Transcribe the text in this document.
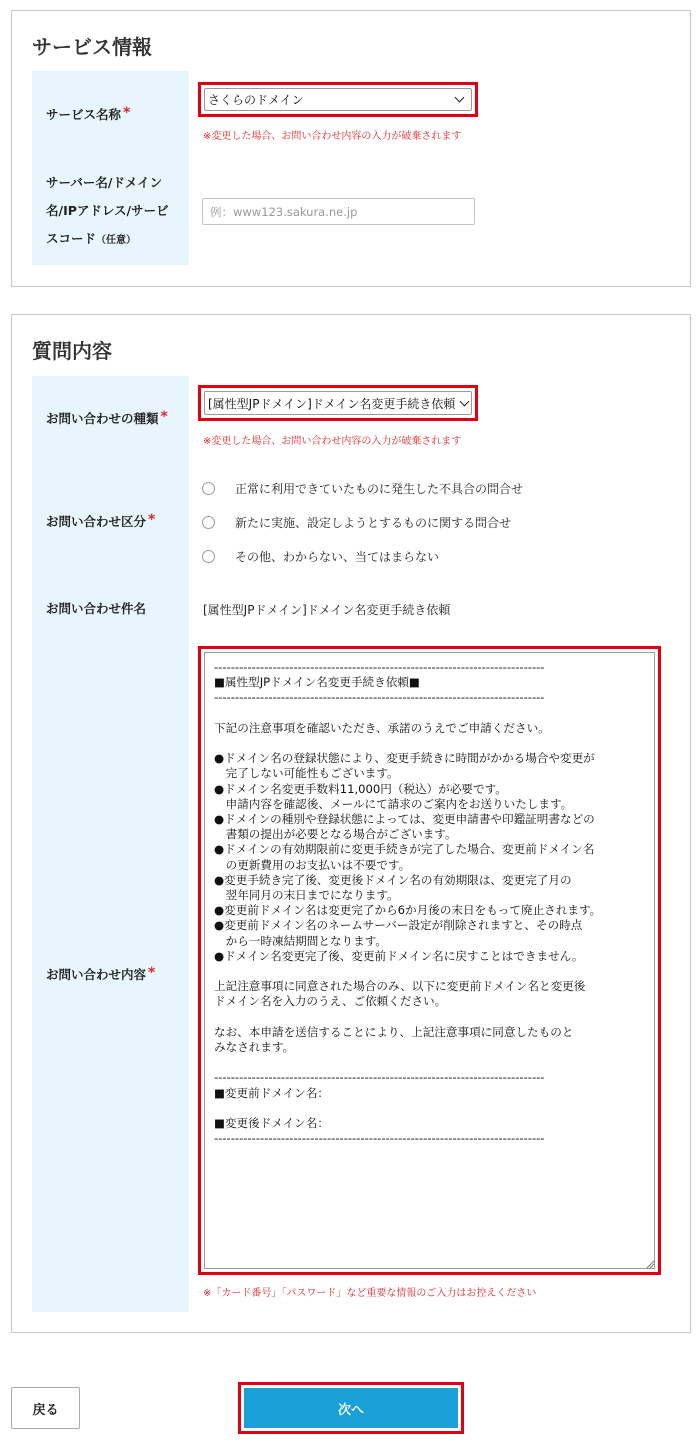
サービス情報
サービス名称 *
サーバー名/ドメイン
名/IPアドレス/サービ
スコード（任意）
さくらのドメイン
※変更した場合、お問い合わせ内容の入力が破棄されます
例：www123.sakura.ne.jp
質問内容
お問い合わせの種類 *
お問い合わせ区分 *
お問い合わせ件名
お問い合わせ内容 *
[属性型JPドメイン]ドメイン名変更手続き依頼
※変更した場合、お問い合わせ内容の入力が破棄されます
正常に利用できていたものに発生した不具合の問合せ
新たに実施、設定しようとするものに関する問合せ
その他、わからない、当てはまらない
[属性型JPドメイン]ドメイン名変更手続き依頼
-------------------------------------------------------------------------------
■属性型JPドメイン名変更手続き依頼■
-------------------------------------------------------------------------------

下記の注意事項を確認いただき、承諾のうえでご申請ください。

●ドメイン名の登録状態により、変更手続きに時間がかかる場合や変更が
　完了しない可能性もございます。
●ドメイン名変更手数料11,000円（税込）が必要です。
　申請内容を確認後、メールにて請求のご案内をお送りいたします。
●ドメインの種別や登録状態によっては、変更申請書や印鑑証明書などの
　書類の提出が必要となる場合がございます。
●ドメインの有効期限前に変更手続きが完了した場合、変更前ドメイン名
　の更新費用のお支払いは不要です。
●変更手続き完了後、変更後ドメイン名の有効期限は、変更完了月の
　翌年同月の末日までになります。
●変更前ドメイン名は変更完了から6か月後の末日をもって廃止されます。
●変更前ドメイン名のネームサーバー設定が削除されますと、その時点
　から一時凍結期間となります。
●ドメイン名変更完了後、変更前ドメイン名に戻すことはできません。

上記注意事項に同意された場合のみ、以下に変更前ドメイン名と変更後
ドメイン名を入力のうえ、ご依頼ください。

なお、本申請を送信することにより、上記注意事項に同意したものと
みなされます。

-------------------------------------------------------------------------------
■変更前ドメイン名：

■変更後ドメイン名：
-------------------------------------------------------------------------------
※「カード番号」「パスワード」など重要な情報のご入力はお控えください
戻る	次へ
